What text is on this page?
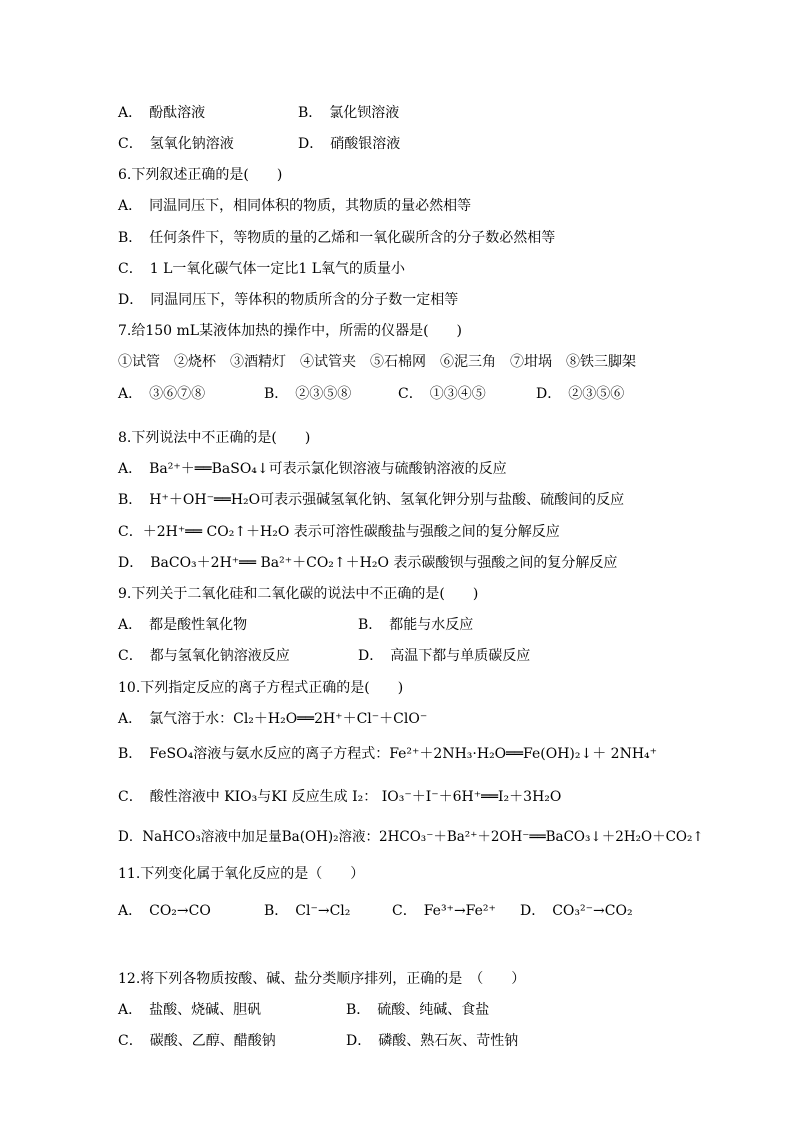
A．　酚酞溶液	B．　氯化钡溶液
C．　氢氧化钠溶液	D．　硝酸银溶液
6.下列叙述正确的是(　　)
A．　同温同压下，相同体积的物质，其物质的量必然相等
B．　任何条件下，等物质的量的乙烯和一氧化碳所含的分子数必然相等
C．　1 L一氧化碳气体一定比1 L氧气的质量小
D．　同温同压下，等体积的物质所含的分子数一定相等
7.给150 mL某液体加热的操作中，所需的仪器是(　　)
①试管　②烧杯　③酒精灯　④试管夹　⑤石棉网　⑥泥三角　⑦坩埚　⑧铁三脚架
A．　③⑥⑦⑧	B．　②③⑤⑧	C．　①③④⑤	D．　②③⑤⑥
8.下列说法中不正确的是(　　)
A．　Ba²⁺＋══BaSO₄↓可表示氯化钡溶液与硫酸钠溶液的反应
B．　H⁺＋OH⁻══H₂O可表示强碱氢氧化钠、氢氧化钾分别与盐酸、硫酸间的反应
C．＋2H⁺══ CO₂↑＋H₂O 表示可溶性碳酸盐与强酸之间的复分解反应
D．　BaCO₃＋2H⁺══ Ba²⁺＋CO₂↑＋H₂O 表示碳酸钡与强酸之间的复分解反应
9.下列关于二氧化硅和二氧化碳的说法中不正确的是(　　)
A．　都是酸性氧化物	B．　都能与水反应
C．　都与氢氧化钠溶液反应	D．　高温下都与单质碳反应
10.下列指定反应的离子方程式正确的是(　　)
A．　氯气溶于水：Cl₂＋H₂O══2H⁺＋Cl⁻＋ClO⁻
B．　FeSO₄溶液与氨水反应的离子方程式：Fe²⁺＋2NH₃·H₂O══Fe(OH)₂↓＋ 2NH₄⁺
C．　酸性溶液中 KIO₃与KI 反应生成 I₂： IO₃⁻＋I⁻＋6H⁺══I₂＋3H₂O
D．NaHCO₃溶液中加足量Ba(OH)₂溶液：2HCO₃⁻＋Ba²⁺＋2OH⁻══BaCO₃↓＋2H₂O＋CO₂↑
11.下列变化属于氧化反应的是（　　）
A．　CO₂→CO	B．　Cl⁻→Cl₂	C．　Fe³⁺→Fe²⁺ D．　CO₃²⁻→CO₂
12.将下列各物质按酸、碱、盐分类顺序排列，正确的是　（　　）
A．　盐酸、烧碱、胆矾	B．　硫酸、纯碱、食盐
C．　碳酸、乙醇、醋酸钠	D．　磷酸、熟石灰、苛性钠
